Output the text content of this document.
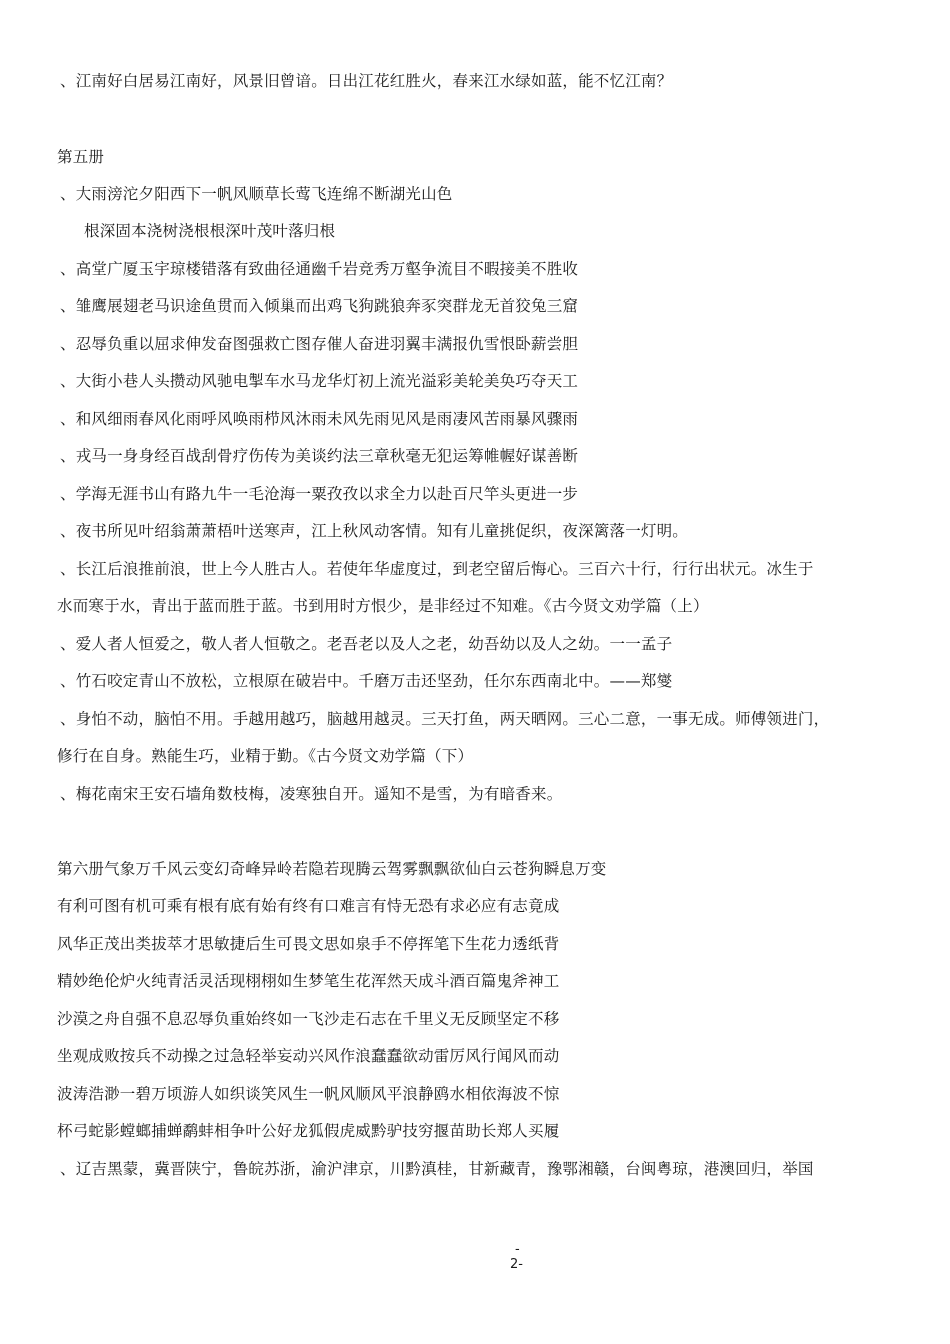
、江南好白居易江南好，风景旧曾谙。日出江花红胜火，春来江水绿如蓝，能不忆江南？
第五册
、大雨滂沱夕阳西下一帆风顺草长莺飞连绵不断湖光山色
根深固本浇树浇根根深叶茂叶落归根
、高堂广厦玉宇琼楼错落有致曲径通幽千岩竞秀万壑争流目不暇接美不胜收
、雏鹰展翅老马识途鱼贯而入倾巢而出鸡飞狗跳狼奔豕突群龙无首狡兔三窟
、忍辱负重以屈求伸发奋图强救亡图存催人奋进羽翼丰满报仇雪恨卧薪尝胆
、大街小巷人头攒动风驰电掣车水马龙华灯初上流光溢彩美轮美奂巧夺天工
、和风细雨春风化雨呼风唤雨栉风沐雨未风先雨见风是雨凄风苦雨暴风骤雨
、戎马一身身经百战刮骨疗伤传为美谈约法三章秋毫无犯运筹帷幄好谋善断
、学海无涯书山有路九牛一毛沧海一粟孜孜以求全力以赴百尺竿头更进一步
、夜书所见叶绍翁萧萧梧叶送寒声，江上秋风动客情。知有儿童挑促织，夜深篱落一灯明。
、长江后浪推前浪，世上今人胜古人。若使年华虚度过，到老空留后悔心。三百六十行，行行出状元。冰生于
水而寒于水，青出于蓝而胜于蓝。书到用时方恨少，是非经过不知难。《古今贤文劝学篇（上）
、爱人者人恒爱之，敬人者人恒敬之。老吾老以及人之老，幼吾幼以及人之幼。一一孟子
、竹石咬定青山不放松，立根原在破岩中。千磨万击还坚劲，任尔东西南北中。——郑燮
、身怕不动，脑怕不用。手越用越巧，脑越用越灵。三天打鱼，两天晒网。三心二意，一事无成。师傅领进门，
修行在自身。熟能生巧，业精于勤。《古今贤文劝学篇（下）
、梅花南宋王安石墙角数枝梅，凌寒独自开。遥知不是雪，为有暗香来。
第六册气象万千风云变幻奇峰异岭若隐若现腾云驾雾飘飘欲仙白云苍狗瞬息万变
有利可图有机可乘有根有底有始有终有口难言有恃无恐有求必应有志竟成
风华正茂出类拔萃才思敏捷后生可畏文思如泉手不停挥笔下生花力透纸背
精妙绝伦炉火纯青活灵活现栩栩如生梦笔生花浑然天成斗酒百篇鬼斧神工
沙漠之舟自强不息忍辱负重始终如一飞沙走石志在千里义无反顾坚定不移
坐观成败按兵不动操之过急轻举妄动兴风作浪蠢蠢欲动雷厉风行闻风而动
波涛浩渺一碧万顷游人如织谈笑风生一帆风顺风平浪静鸥水相依海波不惊
杯弓蛇影螳螂捕蝉鹬蚌相争叶公好龙狐假虎威黔驴技穷揠苗助长郑人买履
、辽吉黑蒙，冀晋陕宁，鲁皖苏浙，渝沪津京，川黔滇桂，甘新藏青，豫鄂湘赣，台闽粤琼，港澳回归，举国
-
2-
